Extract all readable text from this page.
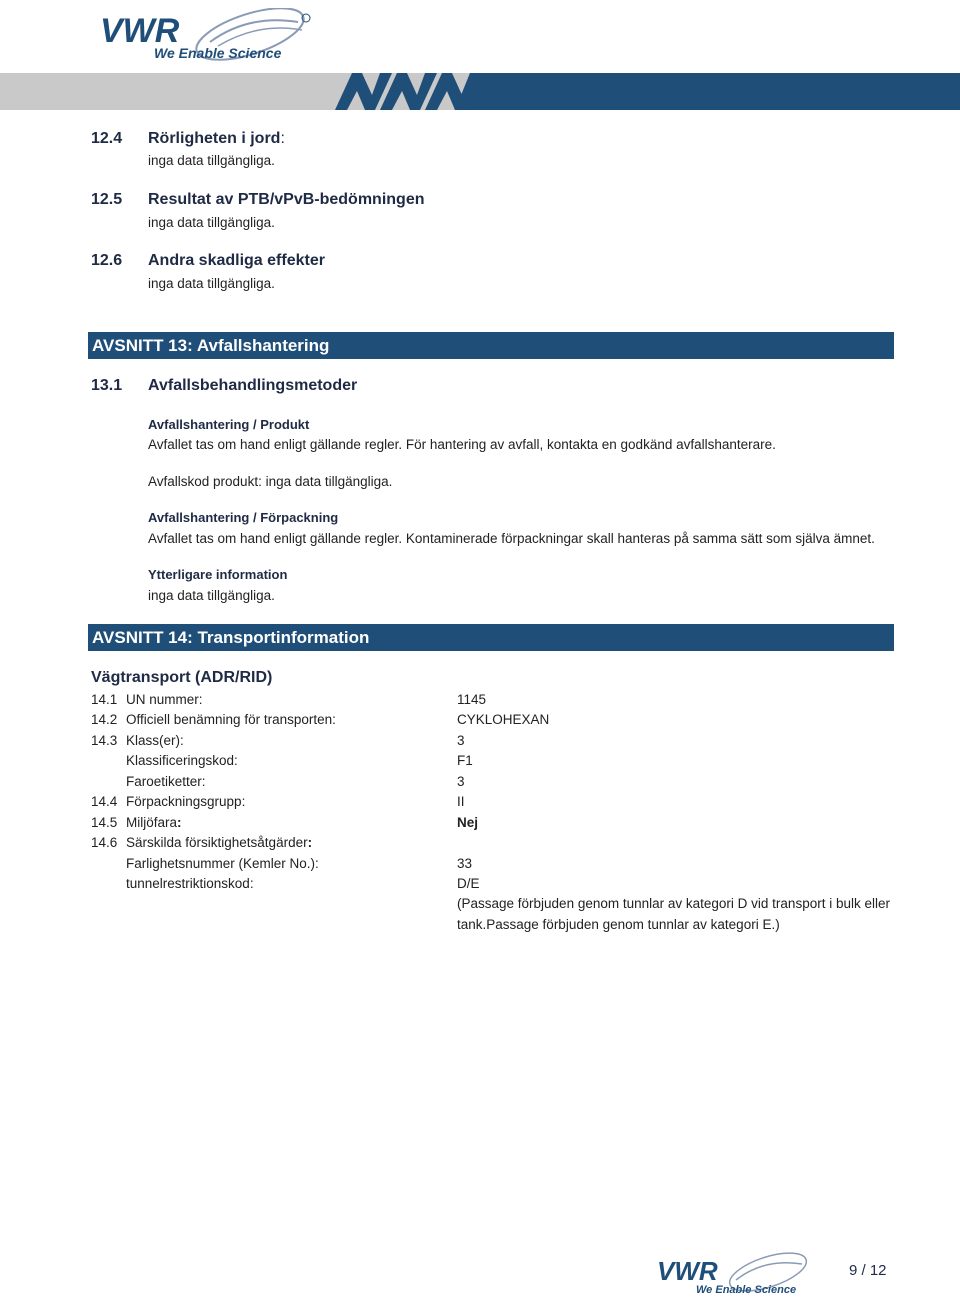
VWR
We Enable Science
12.4 Rörligheten i jord:
inga data tillgängliga.
12.5 Resultat av PTB/vPvB-bedömningen
inga data tillgängliga.
12.6 Andra skadliga effekter
inga data tillgängliga.
AVSNITT 13: Avfallshantering
13.1 Avfallsbehandlingsmetoder
Avfallshantering / Produkt
Avfallet tas om hand enligt gällande regler. För hantering av avfall, kontakta en godkänd avfallshanterare.
Avfallskod produkt: inga data tillgängliga.
Avfallshantering / Förpackning
Avfallet tas om hand enligt gällande regler. Kontaminerade förpackningar skall hanteras på samma sätt som själva ämnet.
Ytterligare information
inga data tillgängliga.
AVSNITT 14: Transportinformation
Vägtransport (ADR/RID)
14.1 UN nummer:	1145
14.2 Officiell benämning för transporten:	CYKLOHEXAN
14.3 Klass(er):	3
Klassificeringskod:	F1
Faroetiketter:	3
14.4 Förpackningsgrupp:	II
14.5 Miljöfara:	Nej
14.6 Särskilda försiktighetsåtgärder:
Farlighetsnummer (Kemler No.):	33
tunnelrestriktionskod:	D/E
(Passage förbjuden genom tunnlar av kategori D vid transport i bulk eller tank.Passage förbjuden genom tunnlar av kategori E.)
VWR
We Enable Science
9 / 12
